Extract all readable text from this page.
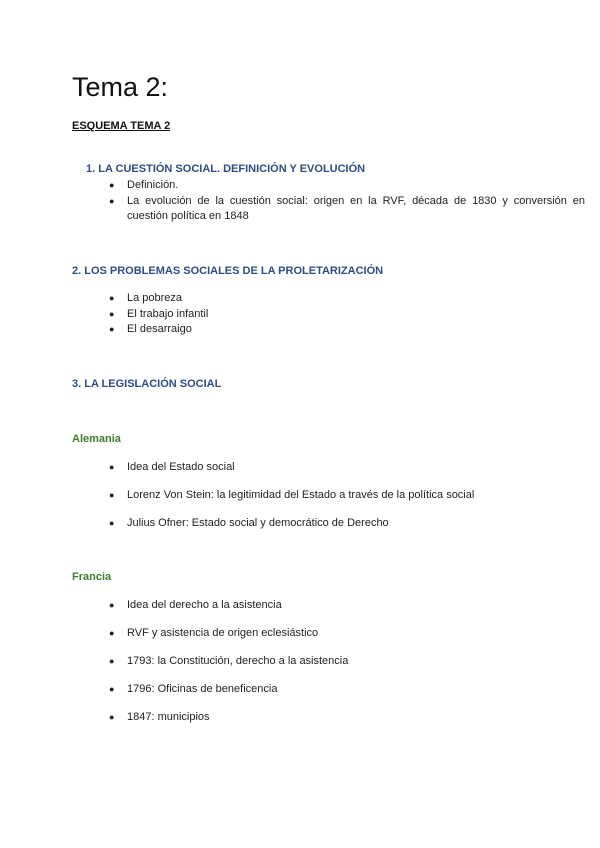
Tema 2:
ESQUEMA TEMA 2
1. LA CUESTIÓN SOCIAL. DEFINICIÓN Y EVOLUCIÓN
● Definición.
● La evolución de la cuestión social: origen en la RVF, década de 1830 y conversión en cuestión política en 1848
2. LOS PROBLEMAS SOCIALES DE LA PROLETARIZACIÓN
● La pobreza
● El trabajo infantil
● El desarraigo
3. LA LEGISLACIÓN SOCIAL
Alemania
● Idea del Estado social
● Lorenz Von Stein: la legitimidad del Estado a través de la política social
● Julius Ofner: Estado social y democrático de Derecho
Francia
● Idea del derecho a la asistencia
● RVF y asistencia de origen eclesiástico
● 1793: la Constitución, derecho a la asistencia
● 1796: Oficinas de beneficencia
● 1847: municipios
